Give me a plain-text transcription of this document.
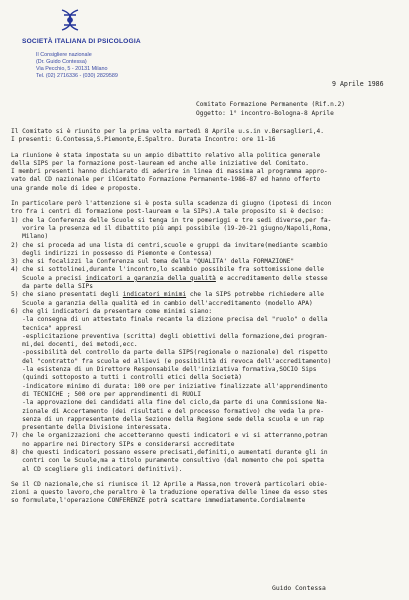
SOCIETÀ ITALIANA DI PSICOLOGIA
Il Consigliere nazionale
(Dr. Guido Contessa)
Via Pecchio, 5 - 20131 Milano
Tel. (02) 2716336 - (030) 2829589
9 Aprile 1986
Comitato Formazione Permanente (Rif.n.2)
Oggetto: 1° incontro-Bologna-8 Aprile
Il Comitato si è riunito per la prima volta martedì 8 Aprile u.s.in v.Bersaglieri,4.
I presenti: G.Contessa,S.Piemonte,E.Spaltro. Durata Incontro: ore 11-16
La riunione è stata impostata su un ampio dibattito relativo alla politica generale
della SIPS per la formazione post-lauream ed anche alle iniziative del Comitato.
I membri presenti hanno dichiarato di aderire in linea di massima al programma appro-
vato dal CD nazionale per ilComitato Formazione Permanente-1986-87 ed hanno offerto
una grande mole di idee e proposte.
In particolare però l'attenzione si è posta sulla scadenza di giugno (ipotesi di incon
tro fra i centri di formazione post-lauream e la SIPs).A tale proposito si è deciso:
1) che la Conferenza delle Scuole si tenga in tre pomeriggi e tre sedi diverse,per fa-
vorire la presenza ed il dibattito più ampi possibile (19-20-21 giugno/Napoli,Roma,
Milano)
2) che si proceda ad una lista di centri,scuole e gruppi da invitare(mediante scambio
degli indirizzi in possesso di Piemonte e Contessa)
3) che si focalizzi la Conferenza sul tema della "QUALITA' della FORMAZIONE"
4) che si sottolinei,durante l'incontro,lo scambio possibile fra sottomissione delle
Scuole a precisi indicatori a garanzia della qualità e accreditamento delle stesse
da parte della SIPs
5) che siano presentati degli indicatori minimi che la SIPS potrebbe richiedere alle
Scuole a garanzia della qualità ed in cambio dell'accreditamento (modello APA)
6) che gli indicatori da presentare come minimi siano:
-la consegna di un attestato finale recante la dizione precisa del "ruolo" o della
tecnica" appresi
-esplicitazione preventiva (scritta) degli obiettivi della formazione,dei program-
mi,dei docenti, dei metodi,ecc.
-possibilità del controllo da parte della SIPS(regionale o nazionale) del rispetto
del "contratto" fra scuola ed allievi (e possibilità di revoca dell'accreditamento)
-la esistenza di un Direttore Responsabile dell'iniziativa formativa,SOCIO Sips
(quindi sottoposto a tutti i controlli etici della Società)
-indicatore minimo di durata: 100 ore per iniziative finalizzate all'apprendimento
di TECNICHE ; 500 ore per apprendimenti di RUOLI
-la approvazione dei candidati alla fine del ciclo,da parte di una Commissione Na-
zionale di Accertamento (dei risultati e del processo formativo) che veda la pre-
senza di un rappresentante della Sezione della Regione sede della scuola e un rap
presentante della Divisione interessata.
7) che le organizzazioni che accetteranno questi indicatori e vi si atterranno,potran
no apparire nei Directory SIPs e considerarsi accreditate
8) che questi indicatori possano essere precisati,definiti,o aumentati durante gli in
contri con le Scuole,ma a titolo puramente consultivo (dal momento che poi spetta
al CD scegliere gli indicatori definitivi).
Se il CD nazionale,che si riunisce il 12 Aprile a Massa,non troverà particolari obie-
zioni a questo lavoro,che peraltro è la traduzione operativa delle linee da esso stes
so formulate,l'operazione CONFERENZE potrà scattare immediatamente.Cordialmente
Guido Contessa
